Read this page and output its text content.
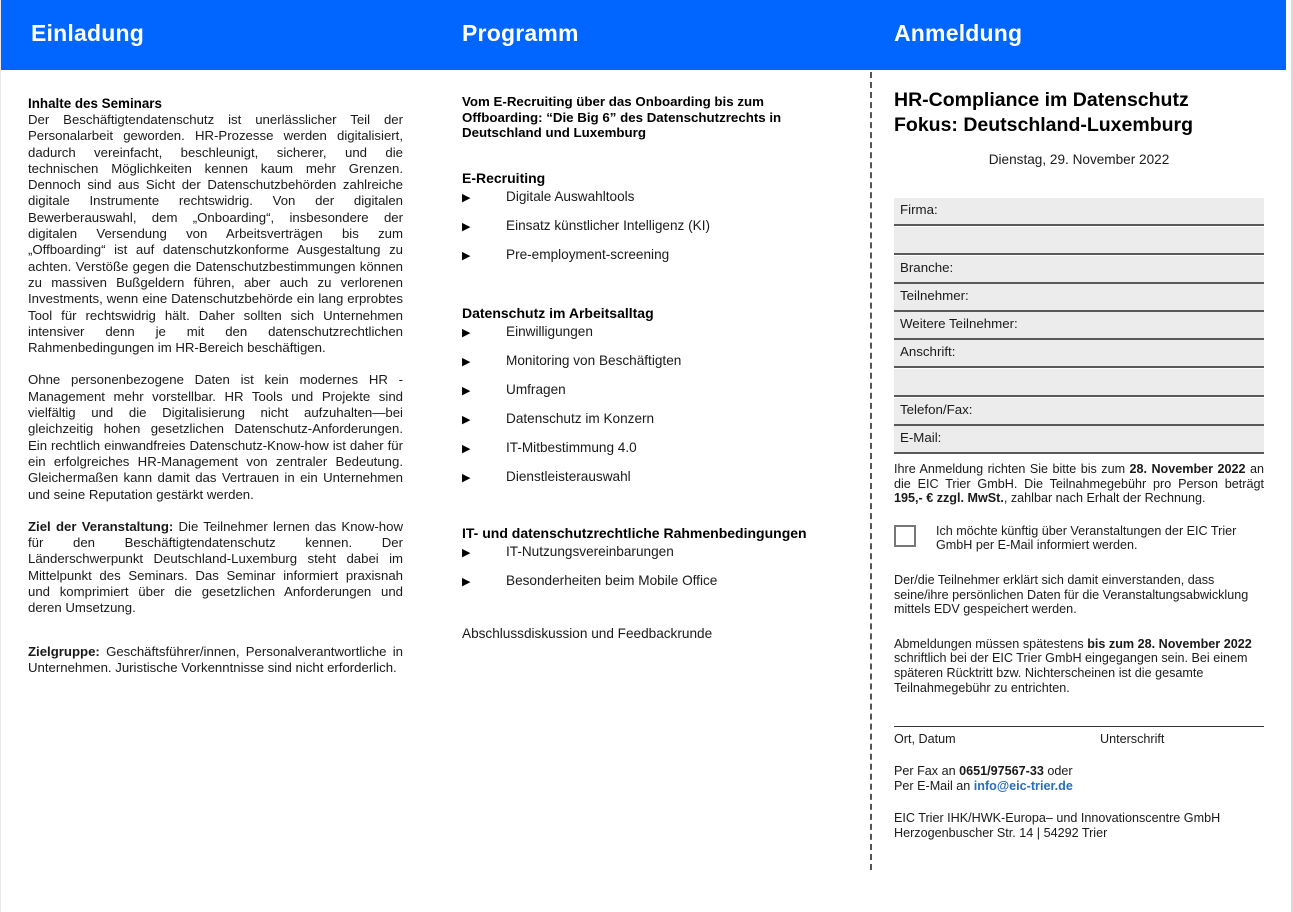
Einladung	Programm	Anmeldung
Inhalte des Seminars
Der Beschäftigtendatenschutz ist unerlässlicher Teil der Personalarbeit geworden. HR-Prozesse werden digitalisiert, dadurch vereinfacht, beschleunigt, sicherer, und die technischen Möglichkeiten kennen kaum mehr Grenzen. Dennoch sind aus Sicht der Datenschutzbehörden zahlreiche digitale Instrumente rechtswidrig. Von der digitalen Bewerberauswahl, dem „Onboarding“, insbesondere der digitalen Versendung von Arbeitsverträgen bis zum „Offboarding“ ist auf datenschutzkonforme Ausgestaltung zu achten. Verstöße gegen die Datenschutzbestimmungen können zu massiven Bußgeldern führen, aber auch zu verlorenen Investments, wenn eine Datenschutzbehörde ein lang erprobtes Tool für rechtswidrig hält. Daher sollten sich Unternehmen intensiver denn je mit den datenschutzrechtlichen Rahmenbedingungen im HR-Bereich beschäftigen.
Ohne personenbezogene Daten ist kein modernes HR - Management mehr vorstellbar. HR Tools und Projekte sind vielfältig und die Digitalisierung nicht aufzuhalten—bei gleichzeitig hohen gesetzlichen Datenschutz-Anforderungen. Ein rechtlich einwandfreies Datenschutz-Know-how ist daher für ein erfolgreiches HR-Management von zentraler Bedeutung. Gleichermaßen kann damit das Vertrauen in ein Unternehmen und seine Reputation gestärkt werden.
Ziel der Veranstaltung: Die Teilnehmer lernen das Know-how für den Beschäftigtendatenschutz kennen. Der Länderschwerpunkt Deutschland-Luxemburg steht dabei im Mittelpunkt des Seminars. Das Seminar informiert praxisnah und komprimiert über die gesetzlichen Anforderungen und deren Umsetzung.
Zielgruppe: Geschäftsführer/innen, Personalverantwortliche in Unternehmen. Juristische Vorkenntnisse sind nicht erforderlich.
Vom E-Recruiting über das Onboarding bis zum Offboarding: “Die Big 6” des Datenschutzrechts in Deutschland und Luxemburg
E-Recruiting
▶	Digitale Auswahltools
▶	Einsatz künstlicher Intelligenz (KI)
▶	Pre-employment-screening
Datenschutz im Arbeitsalltag
▶	Einwilligungen
▶	Monitoring von Beschäftigten
▶	Umfragen
▶	Datenschutz im Konzern
▶	IT-Mitbestimmung 4.0
▶	Dienstleisterauswahl
IT- und datenschutzrechtliche Rahmenbedingungen
▶	IT-Nutzungsvereinbarungen
▶	Besonderheiten beim Mobile Office
Abschlussdiskussion und Feedbackrunde
HR-Compliance im Datenschutz
Fokus: Deutschland-Luxemburg
Dienstag, 29. November 2022
Firma:
Branche:
Teilnehmer:
Weitere Teilnehmer:
Anschrift:
Telefon/Fax:
E-Mail:
Ihre Anmeldung richten Sie bitte bis zum 28. November 2022 an die EIC Trier GmbH. Die Teilnahmegebühr pro Person beträgt 195,- € zzgl. MwSt., zahlbar nach Erhalt der Rechnung.
Ich möchte künftig über Veranstaltungen der EIC Trier GmbH per E-Mail informiert werden.
Der/die Teilnehmer erklärt sich damit einverstanden, dass seine/ihre persönlichen Daten für die Veranstaltungsabwicklung mittels EDV gespeichert werden.
Abmeldungen müssen spätestens bis zum 28. November 2022 schriftlich bei der EIC Trier GmbH eingegangen sein. Bei einem späteren Rücktritt bzw. Nichterscheinen ist die gesamte Teilnahmegebühr zu entrichten.
Ort, Datum	Unterschrift
Per Fax an 0651/97567-33 oder
Per E-Mail an info@eic-trier.de
EIC Trier IHK/HWK-Europa– und Innovationscentre GmbH
Herzogenbuscher Str. 14 | 54292 Trier
